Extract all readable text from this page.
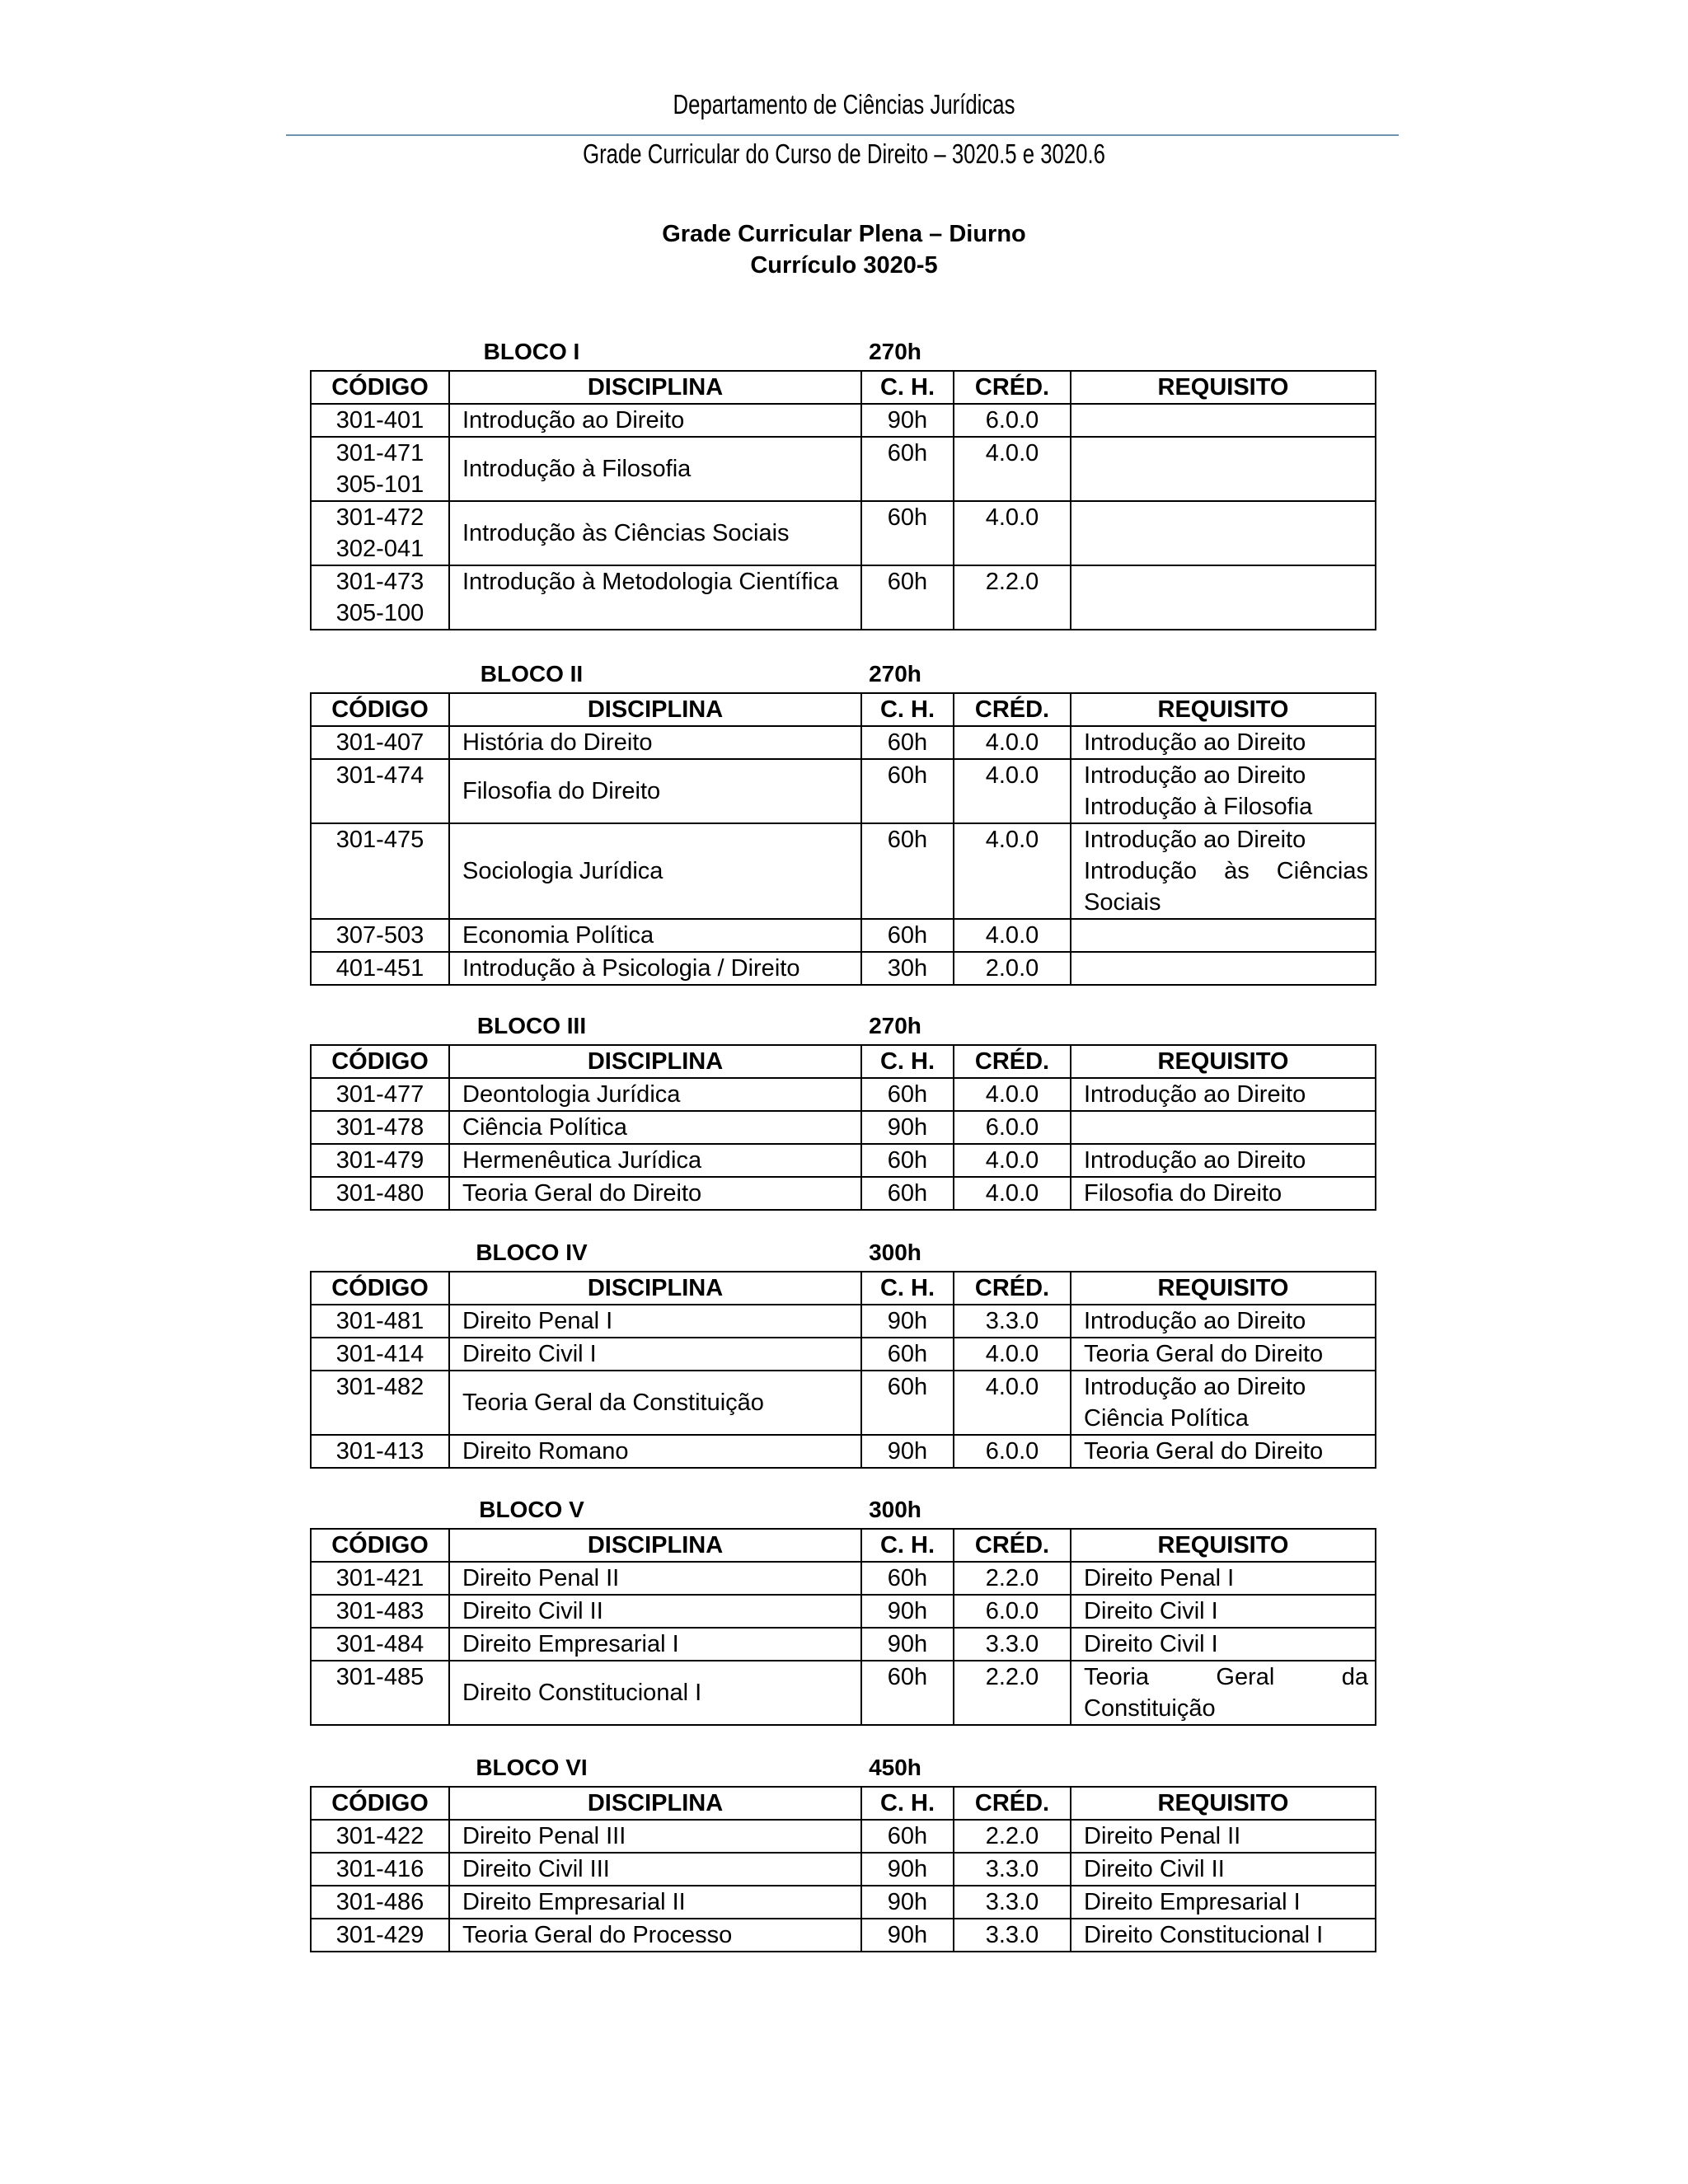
Departamento de Ciências Jurídicas
Grade Curricular do Curso de Direito – 3020.5 e 3020.6
Grade Curricular Plena – Diurno
Currículo 3020-5
BLOCO I	270h
CÓDIGO	DISCIPLINA	C. H.	CRÉD.	REQUISITO

301-401	Introdução ao Direito	90h	6.0.0	

301-471
305-101	Introdução à Filosofia	60h	4.0.0	

301-472
302-041	Introdução às Ciências Sociais	60h	4.0.0	

301-473
305-100	Introdução à Metodologia Científica	60h	2.2.0	
BLOCO II	270h
CÓDIGO	DISCIPLINA	C. H.	CRÉD.	REQUISITO

301-407	História do Direito	60h	4.0.0	Introdução ao Direito

301-474	Filosofia do Direito	60h	4.0.0	Introdução ao Direito
Introdução à Filosofia

301-475	Sociologia Jurídica	60h	4.0.0	Introdução ao Direito
Introdução às Ciências Sociais

307-503	Economia Política	60h	4.0.0	

401-451	Introdução à Psicologia / Direito	30h	2.0.0	
BLOCO III	270h
CÓDIGO	DISCIPLINA	C. H.	CRÉD.	REQUISITO

301-477	Deontologia Jurídica	60h	4.0.0	Introdução ao Direito

301-478	Ciência Política	90h	6.0.0	

301-479	Hermenêutica Jurídica	60h	4.0.0	Introdução ao Direito

301-480	Teoria Geral do Direito	60h	4.0.0	Filosofia do Direito
BLOCO IV	300h
CÓDIGO	DISCIPLINA	C. H.	CRÉD.	REQUISITO

301-481	Direito Penal I	90h	3.3.0	Introdução ao Direito

301-414	Direito Civil I	60h	4.0.0	Teoria Geral do Direito

301-482	Teoria Geral da Constituição	60h	4.0.0	Introdução ao Direito
Ciência Política

301-413	Direito Romano	90h	6.0.0	Teoria Geral do Direito
BLOCO V	300h
CÓDIGO	DISCIPLINA	C. H.	CRÉD.	REQUISITO

301-421	Direito Penal II	60h	2.2.0	Direito Penal I

301-483	Direito Civil II	90h	6.0.0	Direito Civil I

301-484	Direito Empresarial I	90h	3.3.0	Direito Civil I

301-485	Direito Constitucional I	60h	2.2.0	Teoria Geral da Constituição
BLOCO VI	450h
CÓDIGO	DISCIPLINA	C. H.	CRÉD.	REQUISITO

301-422	Direito Penal III	60h	2.2.0	Direito Penal II

301-416	Direito Civil III	90h	3.3.0	Direito Civil II

301-486	Direito Empresarial II	90h	3.3.0	Direito Empresarial I

301-429	Teoria Geral do Processo	90h	3.3.0	Direito Constitucional I
